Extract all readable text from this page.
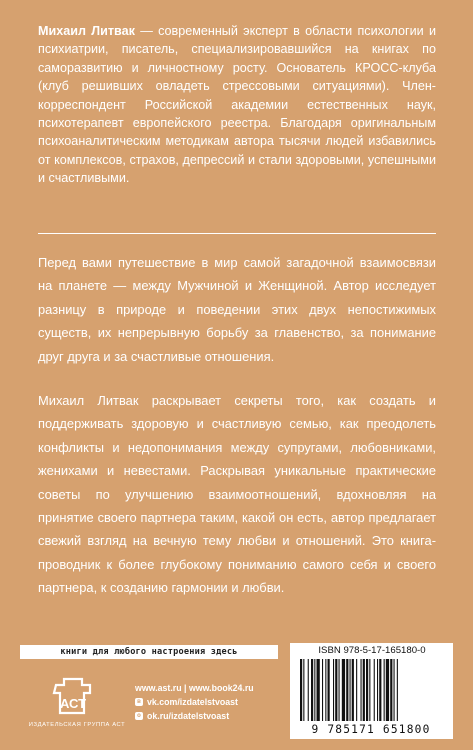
Михаил Литвак — современный эксперт в области психологии и психиатрии, писатель, специализировавшийся на книгах по саморазвитию и личностному росту. Основатель КРОСС-клуба (клуб решивших овладеть стрессовыми ситуациями). Член-корреспондент Российской академии естественных наук, психотерапевт европейского реестра. Благодаря оригинальным психоаналитическим методикам автора тысячи людей избавились от комплексов, страхов, депрессий и стали здоровыми, успешными и счастливыми.
Перед вами путешествие в мир самой загадочной взаимосвязи на планете — между Мужчиной и Женщиной. Автор исследует разницу в природе и поведении этих двух непостижимых существ, их непрерывную борьбу за главенство, за понимание друг друга и за счастливые отношения.
Михаил Литвак раскрывает секреты того, как создать и поддерживать здоровую и счастливую семью, как преодолеть конфликты и недопонимания между супругами, любовниками, женихами и невестами. Раскрывая уникальные практические советы по улучшению взаимоотношений, вдохновляя на принятие своего партнера таким, какой он есть, автор предлагает свежий взгляд на вечную тему любви и отношений. Это книга-проводник к более глубокому пониманию самого себя и своего партнера, к созданию гармонии и любви.
книги для любого настроения здесь
АСТ
ИЗДАТЕЛЬСКАЯ ГРУППА АСТ
www.ast.ru | www.book24.ru
в vk.com/izdatelstvoast
о ok.ru/izdatelstvoast
ISBN 978-5-17-165180-0
9 785171 651800
